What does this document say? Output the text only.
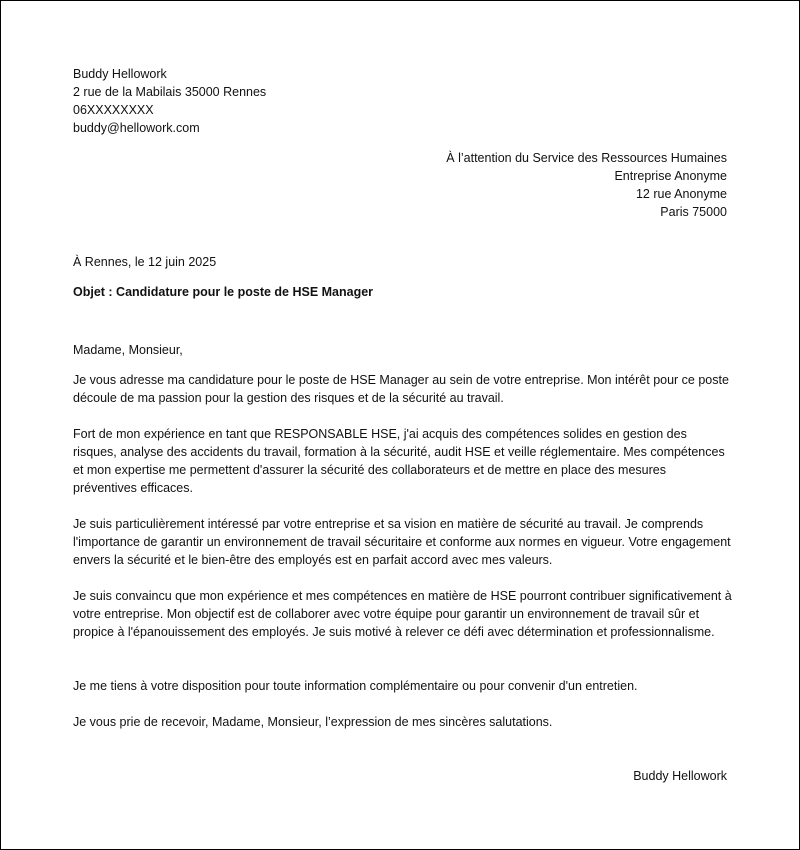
Buddy Hellowork
2 rue de la Mabilais 35000 Rennes
06XXXXXXXX
buddy@hellowork.com
À l’attention du Service des Ressources Humaines
Entreprise Anonyme
12 rue Anonyme
Paris 75000
À Rennes, le 12 juin 2025
Objet : Candidature pour le poste de HSE Manager
Madame, Monsieur,
Je vous adresse ma candidature pour le poste de HSE Manager au sein de votre entreprise. Mon intérêt pour ce poste découle de ma passion pour la gestion des risques et de la sécurité au travail.
Fort de mon expérience en tant que RESPONSABLE HSE, j'ai acquis des compétences solides en gestion des risques, analyse des accidents du travail, formation à la sécurité, audit HSE et veille réglementaire. Mes compétences et mon expertise me permettent d'assurer la sécurité des collaborateurs et de mettre en place des mesures préventives efficaces.
Je suis particulièrement intéressé par votre entreprise et sa vision en matière de sécurité au travail. Je comprends l'importance de garantir un environnement de travail sécuritaire et conforme aux normes en vigueur. Votre engagement envers la sécurité et le bien-être des employés est en parfait accord avec mes valeurs.
Je suis convaincu que mon expérience et mes compétences en matière de HSE pourront contribuer significativement à votre entreprise. Mon objectif est de collaborer avec votre équipe pour garantir un environnement de travail sûr et propice à l'épanouissement des employés. Je suis motivé à relever ce défi avec détermination et professionnalisme.
Je me tiens à votre disposition pour toute information complémentaire ou pour convenir d'un entretien.
Je vous prie de recevoir, Madame, Monsieur, l’expression de mes sincères salutations.
Buddy Hellowork
